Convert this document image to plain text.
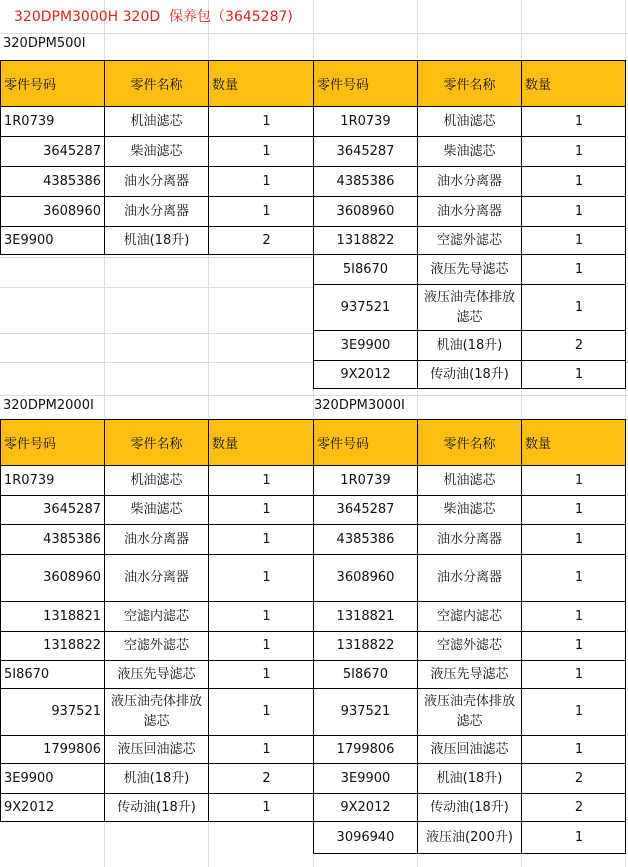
320DPM3000H 320D  保养包（3645287)
320DPM500I
320DPM2000I	320DPM3000I
零件号码	零件名称	数量
1R0739	机油滤芯	1
3645287	柴油滤芯	1
4385386	油水分离器	1
3608960	油水分离器	1
3E9900	机油(18升)	2
零件号码	零件名称	数量
1R0739	机油滤芯	1
3645287	柴油滤芯	1
4385386	油水分离器	1
3608960	油水分离器	1
1318822	空滤外滤芯	1
5I8670	液压先导滤芯	1
937521	液压油壳体排放滤芯	1
3E9900	机油(18升)	2
9X2012	传动油(18升)	1
零件号码	零件名称	数量
1R0739	机油滤芯	1
3645287	柴油滤芯	1
4385386	油水分离器	1
3608960	油水分离器	1
1318821	空滤内滤芯	1
1318822	空滤外滤芯	1
5I8670	液压先导滤芯	1
937521	液压油壳体排放滤芯	1
1799806	液压回油滤芯	1
3E9900	机油(18升)	2
9X2012	传动油(18升)	1
零件号码	零件名称	数量
1R0739	机油滤芯	1
3645287	柴油滤芯	1
4385386	油水分离器	1
3608960	油水分离器	1
1318821	空滤内滤芯	1
1318822	空滤外滤芯	1
5I8670	液压先导滤芯	1
937521	液压油壳体排放滤芯	1
1799806	液压回油滤芯	1
3E9900	机油(18升)	2
9X2012	传动油(18升)	2
3096940	液压油(200升)	1
